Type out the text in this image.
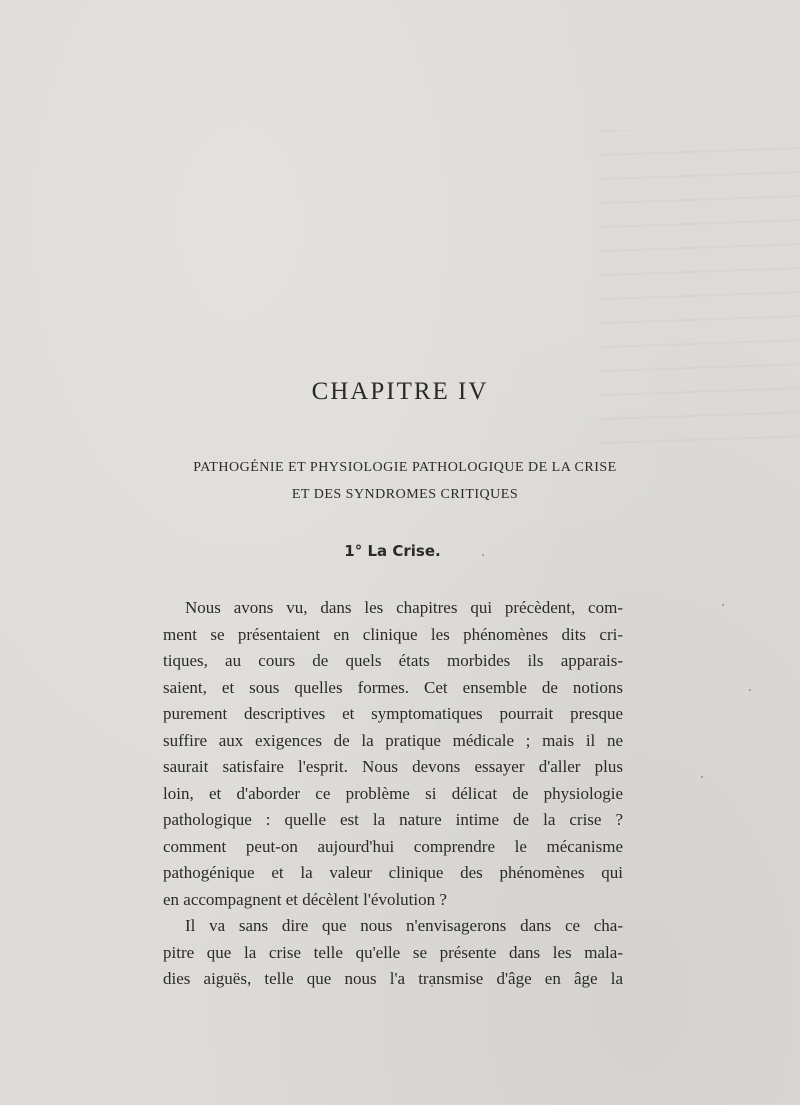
CHAPITRE IV
PATHOGÉNIE ET PHYSIOLOGIE PATHOLOGIQUE DE LA CRISE
ET DES SYNDROMES CRITIQUES
1° La Crise.

Nous avons vu, dans les chapitres qui précèdent, com-
ment se présentaient en clinique les phénomènes dits cri-
tiques, au cours de quels états morbides ils apparais-
saient, et sous quelles formes. Cet ensemble de notions
purement descriptives et symptomatiques pourrait presque
suffire aux exigences de la pratique médicale ; mais il ne
saurait satisfaire l'esprit. Nous devons essayer d'aller plus
loin, et d'aborder ce problème si délicat de physiologie
pathologique : quelle est la nature intime de la crise ?
comment peut-on aujourd'hui comprendre le mécanisme
pathogénique et la valeur clinique des phénomènes qui
en accompagnent et décèlent l'évolution ?

Il va sans dire que nous n'envisagerons dans ce cha-
pitre que la crise telle qu'elle se présente dans les mala-
dies aiguës, telle que nous l'a transmise d'âge en âge la
